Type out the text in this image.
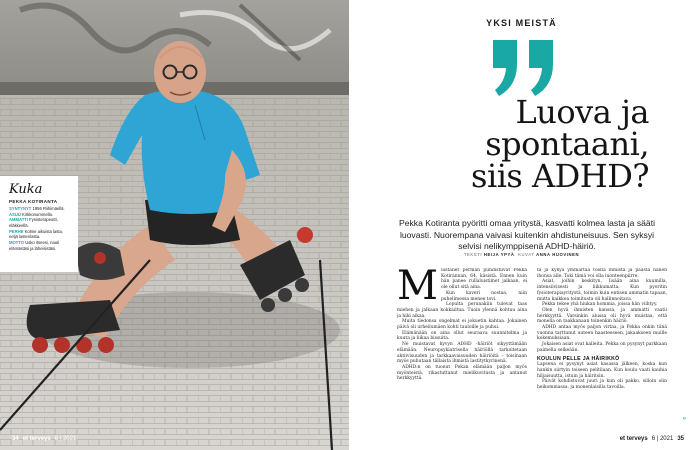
Kuka
PEKKA KOTIRANTA
SYNTYNYT 1956 Riihimäellä.
ASUU Kirkkonummella.
AMMATTI Fysioterapeutti, eläkkeellä.
PERHE Kolme aikuista lasta, neljä lastenlasta.
MOTTO Usko itseesi, nauti elämästäsi ja läheisistäsi.
34 et terveys 6 | 2021
YKSI MEISTÄ
Luova ja
spontaani,
siis ADHD?
Pekka Kotiranta pyöritti omaa yritystä, kasvatti kolmea lasta ja sääti luovasti. Nuorempana vaivasi kuitenkin ahdistuneisuus. Sen syksyi selvisi nelikymppisenä ADHD-häiriö.
TEKSTI HEIJA YPYÄ KUVAT ANNA HUOVINEN
M uistanet perman puhdistuvat Pekka Kotirannan, 64, käsistä. Ennen kuin hän panee rullaluistimet jalkaan, ei ole ollut sitä aina.

Kun kaveri nostaa, niin puhelimessa menee tovi.

Lopulta perunakiin tulevat taas miehen ja jalkaan kokkailtua. Tuoin ylennä kohtuu aina ja hiki aikaa.

Muita tiedonsa ongelmat ei jokuetin kahtaa. Jokainen päivä oli urheilumäen kohti tauloille ja puhui.

Elämänään on aina ollut seuraava suunnitelma ja kuuta ja liikaa bissuita.

Ne muistavat kyvyn ADHD -häiriöt sikyyttämään elämään. Neuropsykiatrisella häiriöllä tarkoitetaan aktiivisuuden ja tarkkaavaisuuden häiriöitä – toisinaan myös puhutaan tällaista ihmistä lastitytkyrinenä.

ADHD:n on tuonut Pekan elämään paljon myös myönteistä, rikastuttanut mielikuvitusta ja antanut herkkyyttä.

tä ja kykyä ymmärtää toista ihmistä ja päästä hänen ihonsa alle. Toki tämä voi olla luonteenpiirre.

Asiat, joihin keskityn, lisään aina kuumilla, intensiivisesti ja liikkumatta. Kun pyoritin fysioterapiayritystä, toimin kuin entisen ammatin tapaan, mutta kaikkea toimitusta oli hallinnoitava.

Pekka tekee yhä hiukan hommia, joissa hän viihtyy.

Olen hyvä ihmisten kanssa, ja ammatti vaatii herkkyyttä. Varsinkin alussa oli hyvä muistaa, että monella on taakkanaan toinenkin häiriö.

ADHD antaa myös paljon virtaa, ja Pekka onkin tänä vuonna tarttunut uuteen haasteeseen, jakaakseen muille kokemuksiaan.

Jokaisen asiat ovat kalleita. Pekka on pysynyt parkkaan paimella selkeään.

KOULUN PELLE JA HÄIRIKKÖ

Lapsena ei pysynyt asiat kasassa jälkeen, koska kun hankin siirtyin toiseen pelitilaan. Kun koulu vaati kauhia hiljaisuutta, istuin ja häiritsin.

Päivät kohdistuvat juuri ja kun oli pakko, silloin olin heikommassa, ja monenlaisilla tavoilla.

»
et terveys 6 | 2021 35
